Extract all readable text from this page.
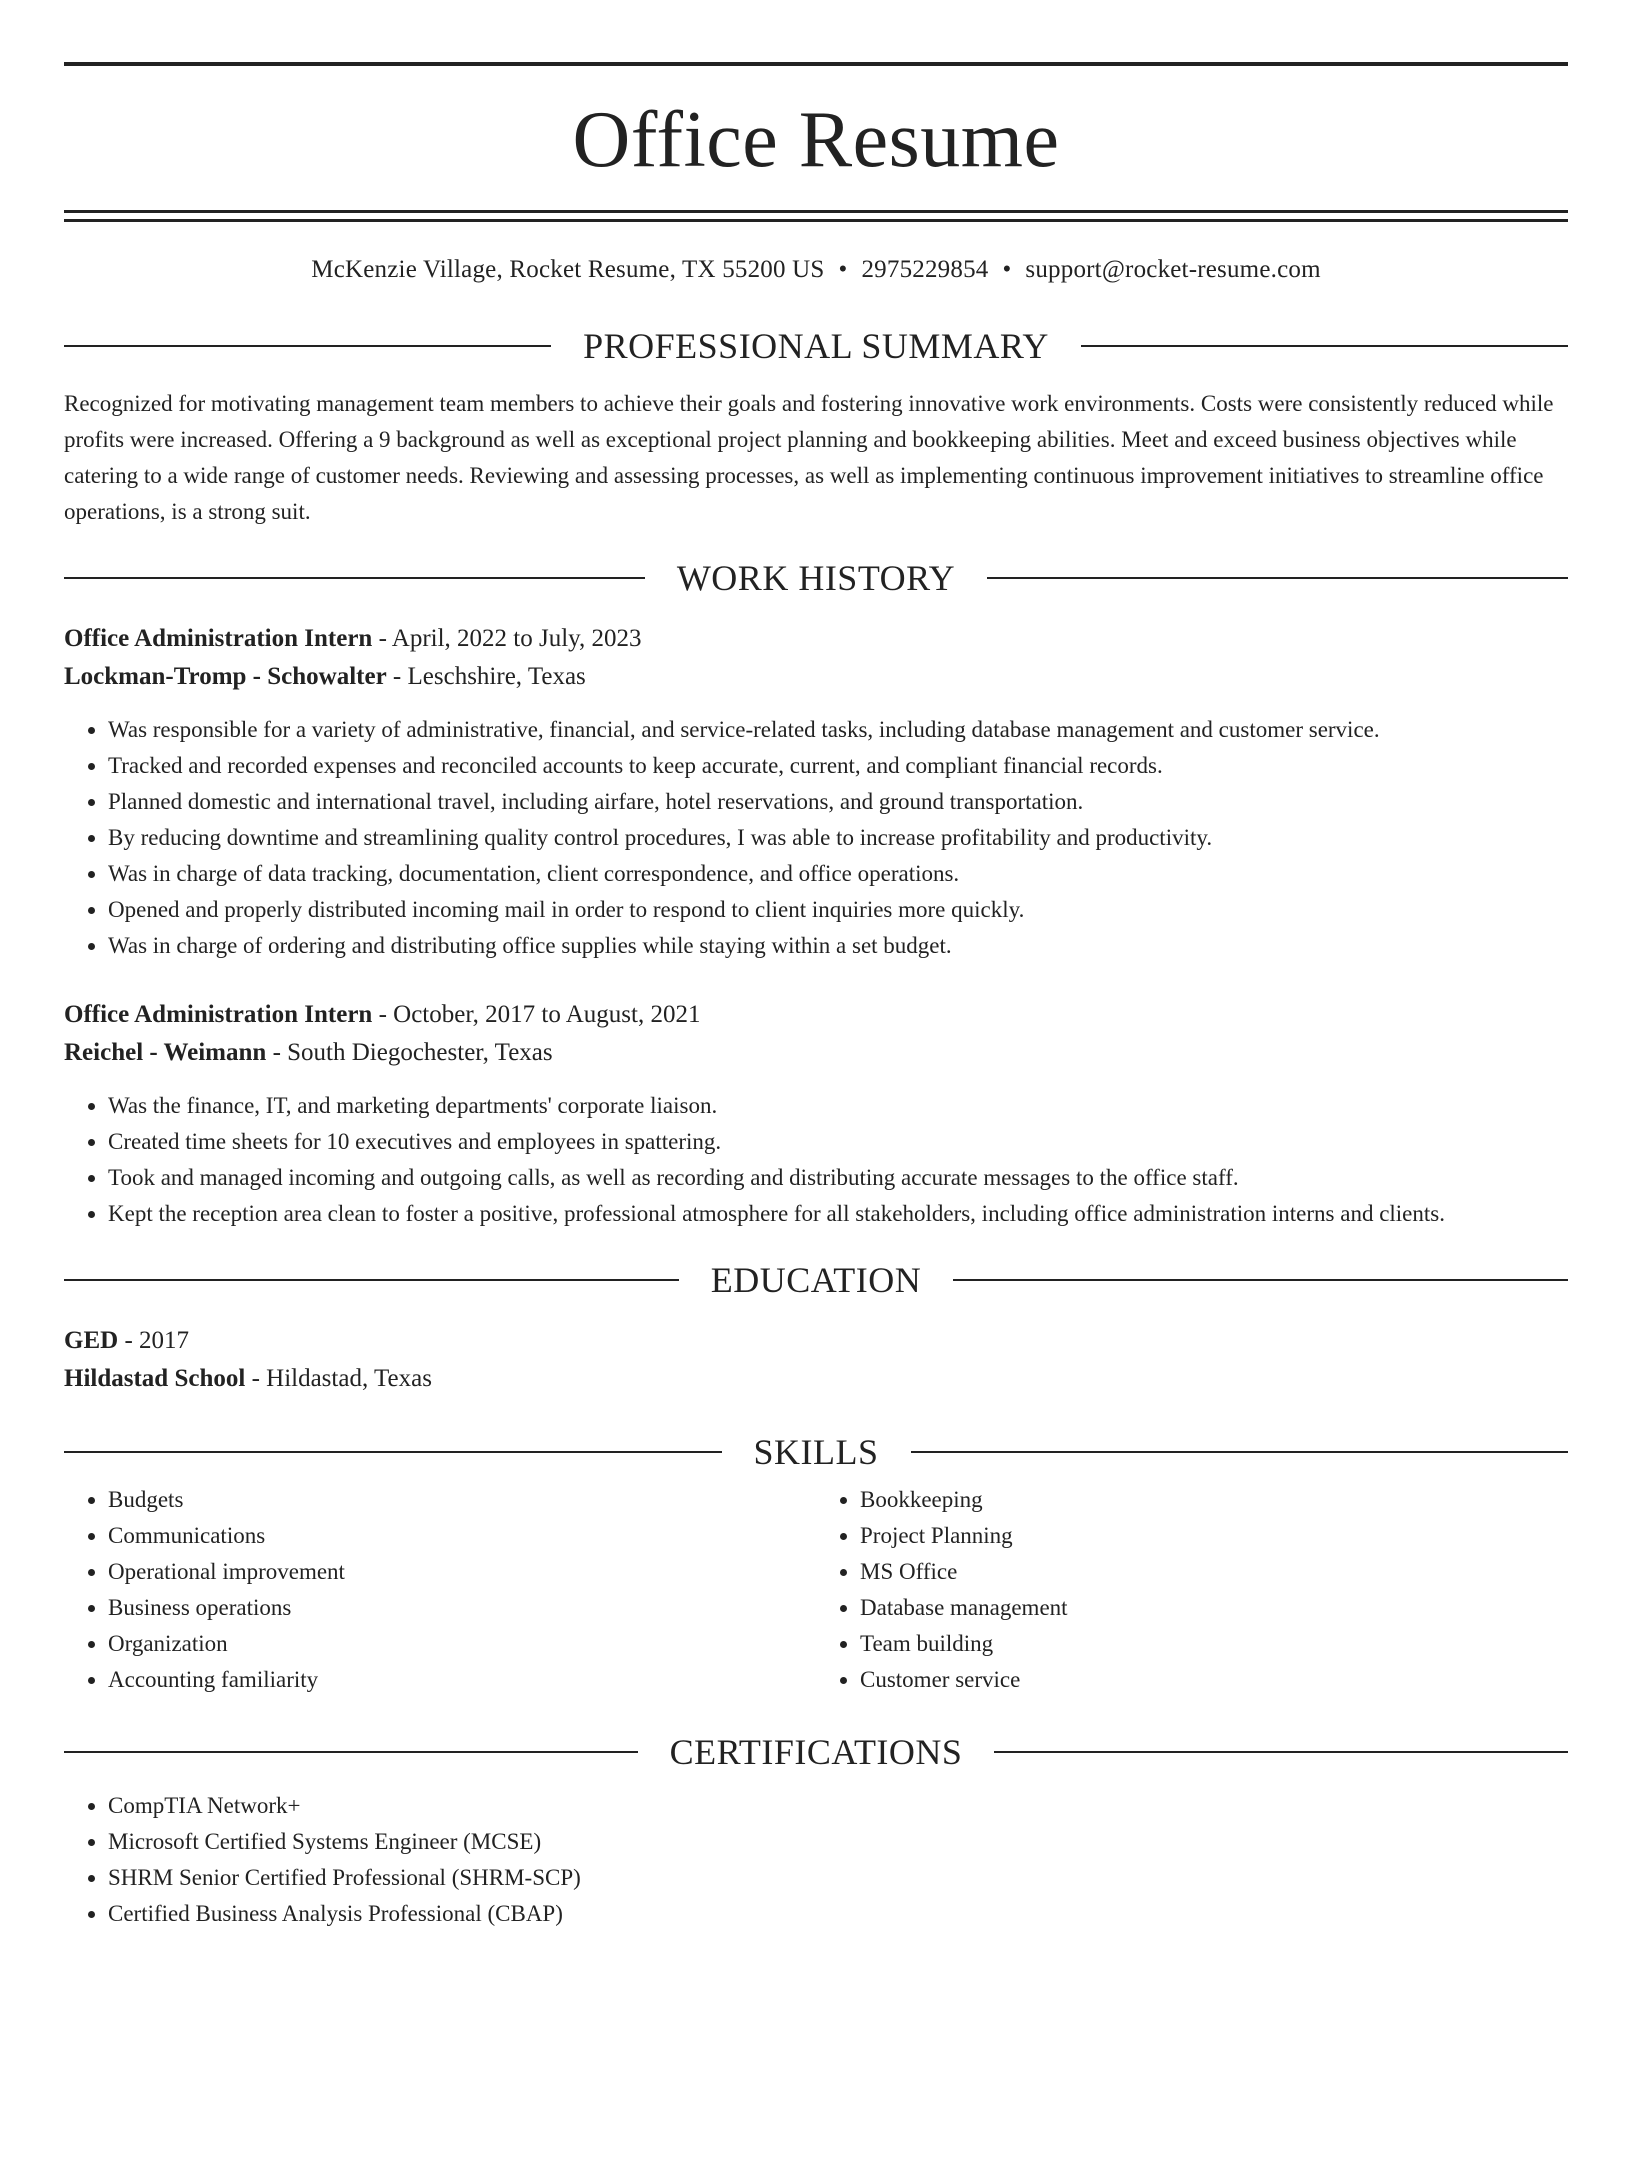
Office Resume
McKenzie Village, Rocket Resume, TX 55200 US • 2975229854 • support@rocket-resume.com
PROFESSIONAL SUMMARY
Recognized for motivating management team members to achieve their goals and fostering innovative work environments. Costs were consistently reduced while profits were increased. Offering a 9 background as well as exceptional project planning and bookkeeping abilities. Meet and exceed business objectives while catering to a wide range of customer needs. Reviewing and assessing processes, as well as implementing continuous improvement initiatives to streamline office operations, is a strong suit.
WORK HISTORY
Office Administration Intern - April, 2022 to July, 2023
Lockman-Tromp - Schowalter - Leschshire, Texas
• Was responsible for a variety of administrative, financial, and service-related tasks, including database management and customer service.
• Tracked and recorded expenses and reconciled accounts to keep accurate, current, and compliant financial records.
• Planned domestic and international travel, including airfare, hotel reservations, and ground transportation.
• By reducing downtime and streamlining quality control procedures, I was able to increase profitability and productivity.
• Was in charge of data tracking, documentation, client correspondence, and office operations.
• Opened and properly distributed incoming mail in order to respond to client inquiries more quickly.
• Was in charge of ordering and distributing office supplies while staying within a set budget.
Office Administration Intern - October, 2017 to August, 2021
Reichel - Weimann - South Diegochester, Texas
• Was the finance, IT, and marketing departments' corporate liaison.
• Created time sheets for 10 executives and employees in spattering.
• Took and managed incoming and outgoing calls, as well as recording and distributing accurate messages to the office staff.
• Kept the reception area clean to foster a positive, professional atmosphere for all stakeholders, including office administration interns and clients.
EDUCATION
GED - 2017
Hildastad School - Hildastad, Texas
SKILLS
• Budgets
• Communications
• Operational improvement
• Business operations
• Organization
• Accounting familiarity
• Bookkeeping
• Project Planning
• MS Office
• Database management
• Team building
• Customer service
CERTIFICATIONS
• CompTIA Network+
• Microsoft Certified Systems Engineer (MCSE)
• SHRM Senior Certified Professional (SHRM-SCP)
• Certified Business Analysis Professional (CBAP)
